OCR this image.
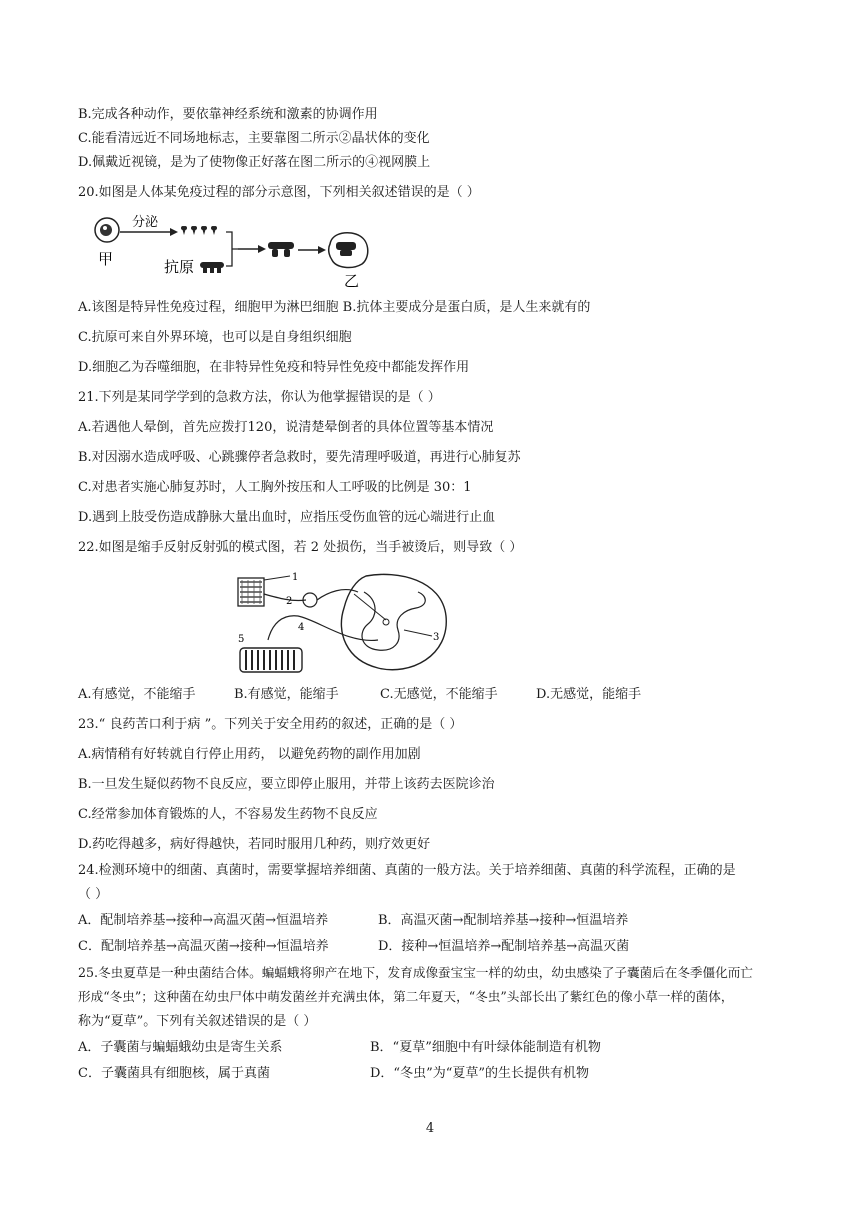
B.完成各种动作，要依靠神经系统和激素的协调作用
C.能看清远近不同场地标志，主要靠图二所示②晶状体的变化
D.佩戴近视镜，是为了使物像正好落在图二所示的④视网膜上
20.如图是人体某免疫过程的部分示意图，下列相关叙述错误的是（ ）
甲
分泌
抗原
乙
A.该图是特异性免疫过程，细胞甲为淋巴细胞 B.抗体主要成分是蛋白质，是人生来就有的
C.抗原可来自外界环境，也可以是自身组织细胞
D.细胞乙为吞噬细胞，在非特异性免疫和特异性免疫中都能发挥作用
21.下列是某同学学到的急救方法，你认为他掌握错误的是（ ）
A.若遇他人晕倒，首先应拨打120，说清楚晕倒者的具体位置等基本情况
B.对因溺水造成呼吸、心跳骤停者急救时，要先清理呼吸道，再进行心肺复苏
C.对患者实施心肺复苏时，人工胸外按压和人工呼吸的比例是 30：1
D.遇到上肢受伤造成静脉大量出血时，应指压受伤血管的远心端进行止血
22.如图是缩手反射反射弧的模式图，若 2 处损伤，当手被烫后，则导致（ ）
1
2
3
4
5
A.有感觉，不能缩手	B.有感觉，能缩手	C.无感觉，不能缩手	D.无感觉，能缩手
23.“ 良药苦口利于病 ”。下列关于安全用药的叙述，正确的是（ ）
A.病情稍有好转就自行停止用药， 以避免药物的副作用加剧
B.一旦发生疑似药物不良反应，要立即停止服用，并带上该药去医院诊治
C.经常参加体育锻炼的人，不容易发生药物不良反应
D.药吃得越多，病好得越快，若同时服用几种药，则疗效更好
24.检测环境中的细菌、真菌时，需要掌握培养细菌、真菌的一般方法。关于培养细菌、真菌的科学流程，正确的是
（ ）
A．配制培养基→接种→高温灭菌→恒温培养	B．高温灭菌→配制培养基→接种→恒温培养
C．配制培养基→高温灭菌→接种→恒温培养	D．接种→恒温培养→配制培养基→高温灭菌
25.冬虫夏草是一种虫菌结合体。蝙蝠蛾将卵产在地下，发育成像蚕宝宝一样的幼虫，幼虫感染了子囊菌后在冬季僵化而亡
形成“冬虫”；这种菌在幼虫尸体中萌发菌丝并充满虫体，第二年夏天，“冬虫”头部长出了紫红色的像小草一样的菌体，
称为“夏草”。下列有关叙述错误的是（ ）
A．子囊菌与蝙蝠蛾幼虫是寄生关系	B．“夏草”细胞中有叶绿体能制造有机物
C．子囊菌具有细胞核，属于真菌	D．“冬虫”为“夏草”的生长提供有机物
4
